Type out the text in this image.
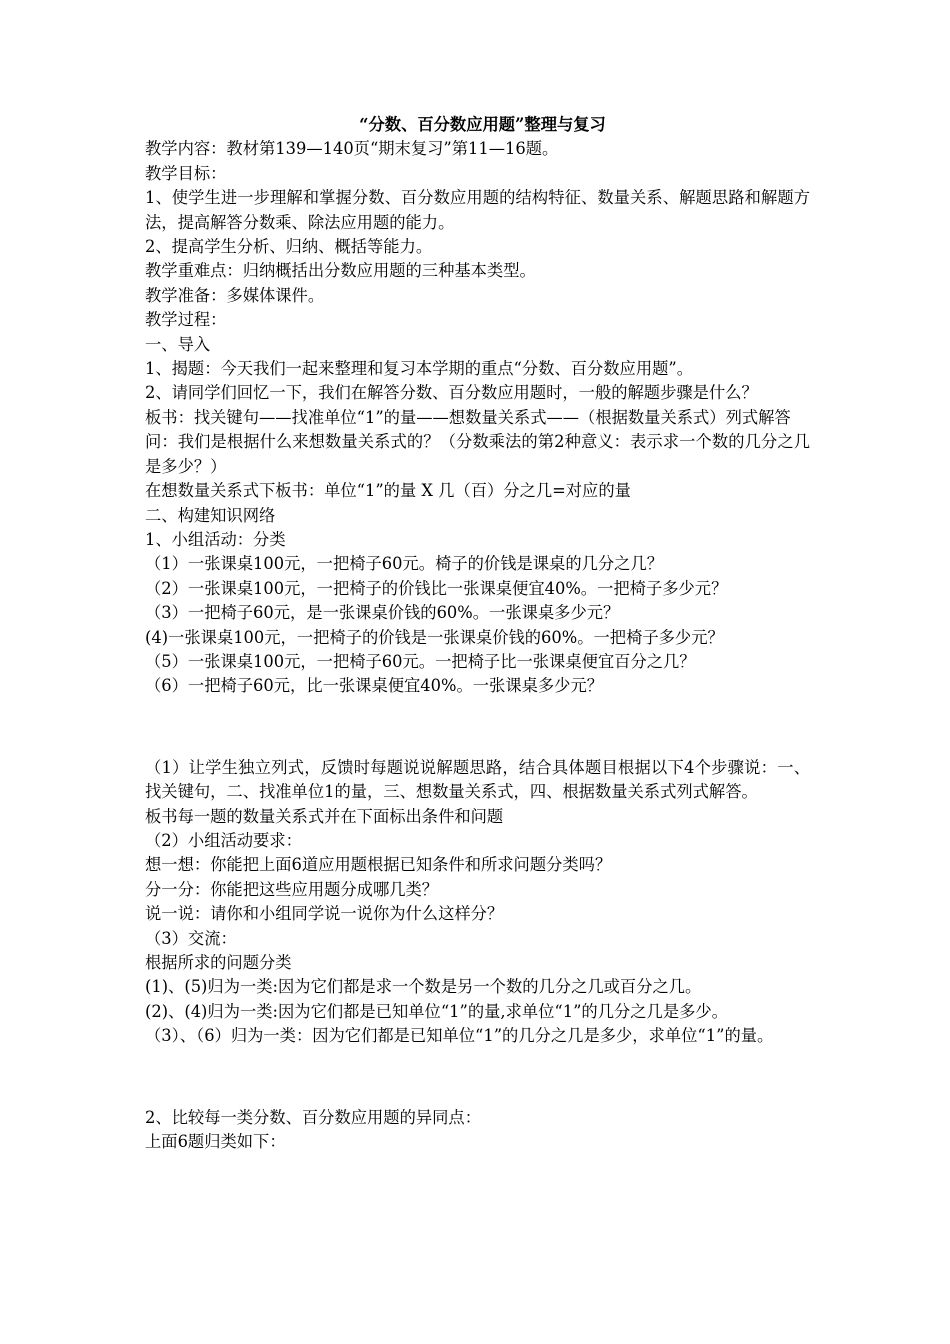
“分数、百分数应用题”整理与复习

教学内容：教材第139—140页“期末复习”第11—16题。

教学目标：

1、使学生进一步理解和掌握分数、百分数应用题的结构特征、数量关系、解题思路和解题方法，提高解答分数乘、除法应用题的能力。

2、提高学生分析、归纳、概括等能力。

教学重难点：归纳概括出分数应用题的三种基本类型。

教学准备：多媒体课件。

教学过程：

一、导入

1、揭题：今天我们一起来整理和复习本学期的重点“分数、百分数应用题”。

2、请同学们回忆一下，我们在解答分数、百分数应用题时，一般的解题步骤是什么？

板书：找关键句——找准单位“1”的量——想数量关系式——（根据数量关系式）列式解答

问：我们是根据什么来想数量关系式的？（分数乘法的第2种意义：表示求一个数的几分之几是多少？）

在想数量关系式下板书：单位“1”的量 X 几（百）分之几=对应的量

二、构建知识网络

1、小组活动：分类

（1）一张课桌100元，一把椅子60元。椅子的价钱是课桌的几分之几？

（2）一张课桌100元，一把椅子的价钱比一张课桌便宜40%。一把椅子多少元？

（3）一把椅子60元，是一张课桌价钱的60%。一张课桌多少元？

(4)一张课桌100元，一把椅子的价钱是一张课桌价钱的60%。一把椅子多少元？

（5）一张课桌100元，一把椅子60元。一把椅子比一张课桌便宜百分之几？

（6）一把椅子60元，比一张课桌便宜40%。一张课桌多少元？

（1）让学生独立列式，反馈时每题说说解题思路，结合具体题目根据以下4个步骤说：一、找关键句，二、找准单位1的量，三、想数量关系式，四、根据数量关系式列式解答。

板书每一题的数量关系式并在下面标出条件和问题

（2）小组活动要求：

想一想：你能把上面6道应用题根据已知条件和所求问题分类吗？

分一分：你能把这些应用题分成哪几类？

说一说：请你和小组同学说一说你为什么这样分？

（3）交流：

根据所求的问题分类

(1)、(5)归为一类:因为它们都是求一个数是另一个数的几分之几或百分之几。

(2)、(4)归为一类:因为它们都是已知单位“1”的量,求单位“1”的几分之几是多少。

（3）、（6）归为一类：因为它们都是已知单位“1”的几分之几是多少，求单位“1”的量。

2、比较每一类分数、百分数应用题的异同点：

上面6题归类如下：
